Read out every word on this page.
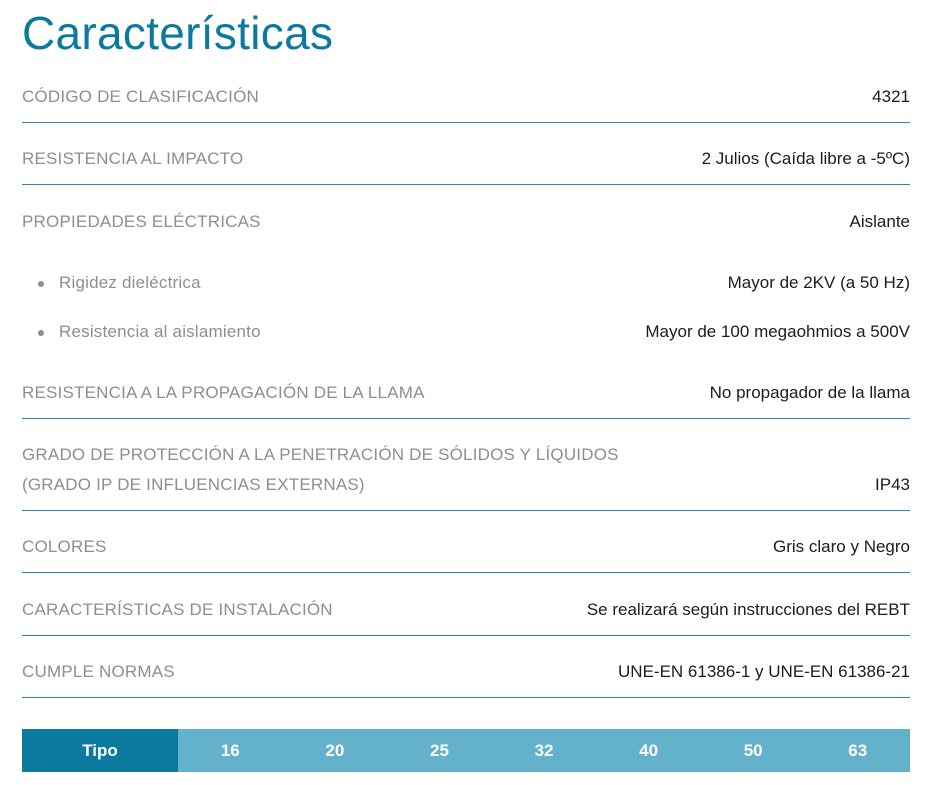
Características
CÓDIGO DE CLASIFICACIÓN	4321
RESISTENCIA AL IMPACTO	2 Julios (Caída libre a -5ºC)
PROPIEDADES ELÉCTRICAS	Aislante
Rigidez dieléctrica	Mayor de 2KV (a 50 Hz)
Resistencia al aislamiento	Mayor de 100 megaohmios a 500V
RESISTENCIA A LA PROPAGACIÓN DE LA LLAMA	No propagador de la llama
GRADO DE PROTECCIÓN A LA PENETRACIÓN DE SÓLIDOS Y LÍQUIDOS
(GRADO IP DE INFLUENCIAS EXTERNAS)	IP43
COLORES	Gris claro y Negro
CARACTERÍSTICAS DE INSTALACIÓN	Se realizará según instrucciones del REBT
CUMPLE NORMAS	UNE-EN 61386-1 y UNE-EN 61386-21
Tipo	16	20	25	32	40	50	63
